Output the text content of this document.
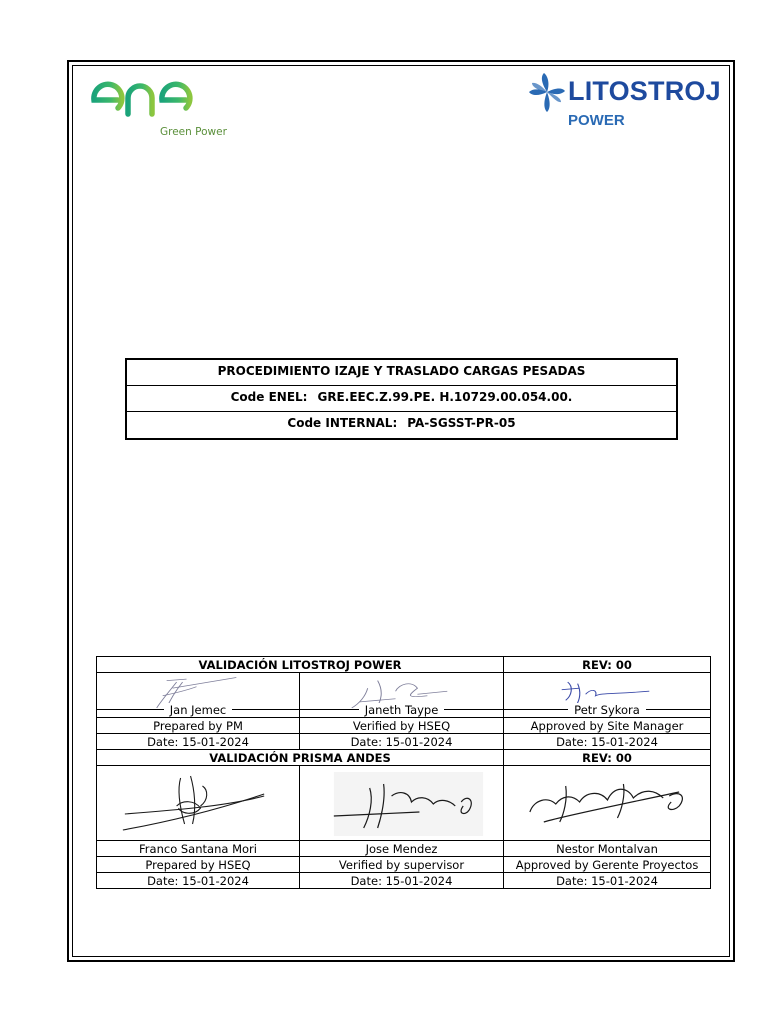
Green Power
LITOSTROJ
POWER
PROCEDIMIENTO IZAJE Y TRASLADO CARGAS PESADAS
Code ENEL: GRE.EEC.Z.99.PE. H.10729.00.054.00.
Code INTERNAL: PA-SGSST-PR-05
VALIDACIÓN LITOSTROJ POWER		REV: 00

Jan Jemec	Janeth Taype	Petr Sykora
Prepared by PM	Verified by HSEQ	Approved by Site Manager
Date: 15-01-2024	Date: 15-01-2024	Date: 15-01-2024
VALIDACIÓN PRISMA ANDES		REV: 00

Franco Santana Mori	Jose Mendez	Nestor Montalvan
Prepared by HSEQ	Verified by supervisor	Approved by Gerente Proyectos
Date: 15-01-2024	Date: 15-01-2024	Date: 15-01-2024
